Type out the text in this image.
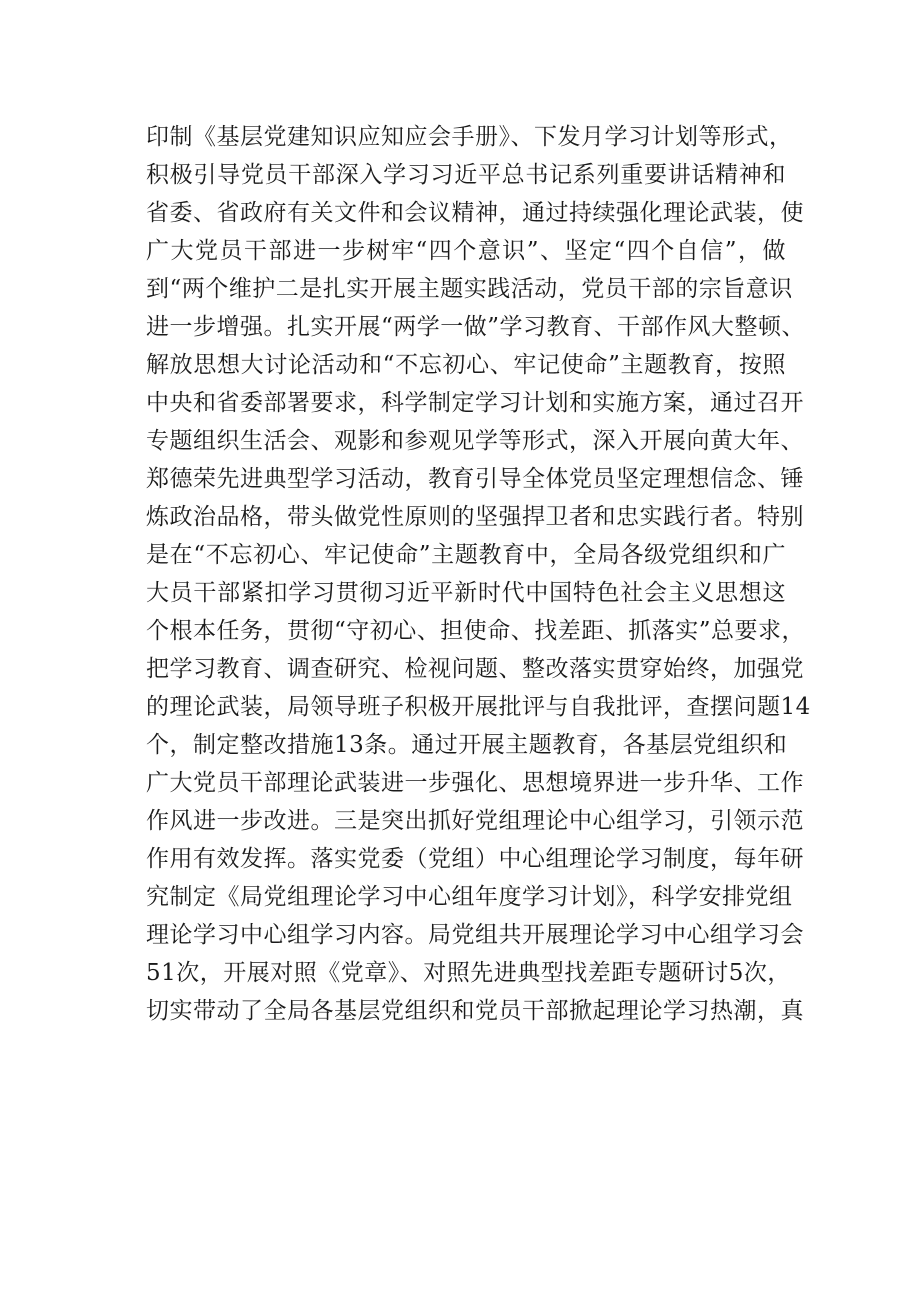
印制《基层党建知识应知应会手册》、下发月学习计划等形式，
积极引导党员干部深入学习习近平总书记系列重要讲话精神和
省委、省政府有关文件和会议精神，通过持续强化理论武装，使
广大党员干部进一步树牢“四个意识”、坚定“四个自信”，做
到“两个维护二是扎实开展主题实践活动，党员干部的宗旨意识
进一步增强。扎实开展“两学一做”学习教育、干部作风大整顿、
解放思想大讨论活动和“不忘初心、牢记使命”主题教育，按照
中央和省委部署要求，科学制定学习计划和实施方案，通过召开
专题组织生活会、观影和参观见学等形式，深入开展向黄大年、
郑德荣先进典型学习活动，教育引导全体党员坚定理想信念、锤
炼政治品格，带头做党性原则的坚强捍卫者和忠实践行者。特别
是在“不忘初心、牢记使命”主题教育中，全局各级党组织和广
大员干部紧扣学习贯彻习近平新时代中国特色社会主义思想这
个根本任务，贯彻“守初心、担使命、找差距、抓落实”总要求，
把学习教育、调查研究、检视问题、整改落实贯穿始终，加强党
的理论武装，局领导班子积极开展批评与自我批评，查摆问题14
个，制定整改措施13条。通过开展主题教育，各基层党组织和
广大党员干部理论武装进一步强化、思想境界进一步升华、工作
作风进一步改进。三是突出抓好党组理论中心组学习，引领示范
作用有效发挥。落实党委（党组）中心组理论学习制度，每年研
究制定《局党组理论学习中心组年度学习计划》，科学安排党组
理论学习中心组学习内容。局党组共开展理论学习中心组学习会
51次，开展对照《党章》、对照先进典型找差距专题研讨5次，
切实带动了全局各基层党组织和党员干部掀起理论学习热潮，真
